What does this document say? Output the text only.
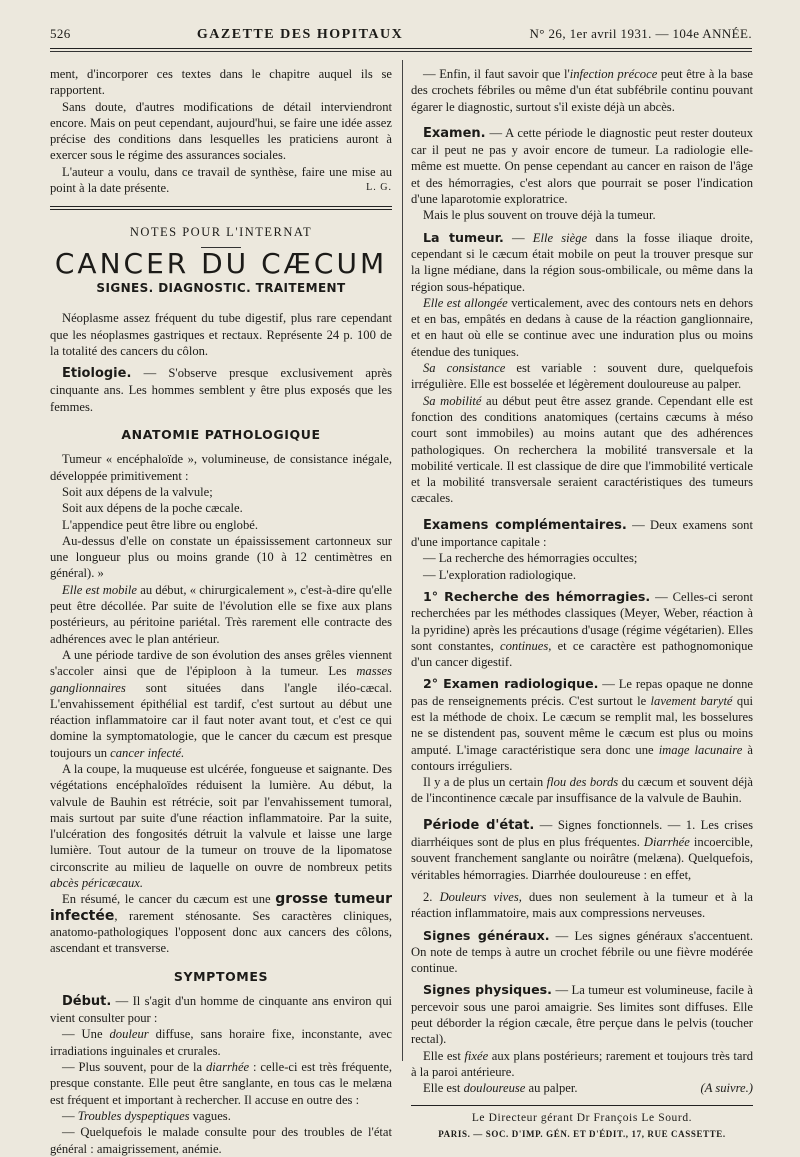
526	GAZETTE DES HOPITAUX	N° 26, 1er avril 1931. — 104e ANNÉE.

ment, d'incorporer ces textes dans le chapitre auquel ils se rapportent.

Sans doute, d'autres modifications de détail interviendront encore. Mais on peut cependant, aujourd'hui, se faire une idée assez précise des conditions dans lesquelles les praticiens auront à exercer sous le régime des assurances sociales.

L'auteur a voulu, dans ce travail de synthèse, faire une mise au point à la date présente.	L. G.

NOTES POUR L'INTERNAT

CANCER DU CÆCUM
SIGNES. DIAGNOSTIC. TRAITEMENT

Néoplasme assez fréquent du tube digestif, plus rare cependant que les néoplasmes gastriques et rectaux. Représente 24 p. 100 de la totalité des cancers du côlon.

Etiologie. — S'observe presque exclusivement après cinquante ans. Les hommes semblent y être plus exposés que les femmes.

ANATOMIE PATHOLOGIQUE

Tumeur « encéphaloïde », volumineuse, de consistance inégale, développée primitivement :

Soit aux dépens de la valvule;

Soit aux dépens de la poche cæcale.

L'appendice peut être libre ou englobé.

Au-dessus d'elle on constate un épaississement cartonneux sur une longueur plus ou moins grande (10 à 12 centimètres en général). »

Elle est mobile au début, « chirurgicalement », c'est-à-dire qu'elle peut être décollée. Par suite de l'évolution elle se fixe aux plans postérieurs, au péritoine pariétal. Très rarement elle contracte des adhérences avec le plan antérieur.

A une période tardive de son évolution des anses grêles viennent s'accoler ainsi que de l'épiploon à la tumeur. Les masses ganglionnaires sont situées dans l'angle iléo-cæcal. L'envahissement épithélial est tardif, c'est surtout au début une réaction inflammatoire car il faut noter avant tout, et c'est ce qui domine la symptomatologie, que le cancer du cæcum est presque toujours un cancer infecté.

A la coupe, la muqueuse est ulcérée, fongueuse et saignante. Des végétations encéphaloïdes réduisent la lumière. Au début, la valvule de Bauhin est rétrécie, soit par l'envahissement tumoral, mais surtout par suite d'une réaction inflammatoire. Par la suite, l'ulcération des fongosités détruit la valvule et laisse une large lumière. Tout autour de la tumeur on trouve de la lipomatose circonscrite au milieu de laquelle on ouvre de nombreux petits abcès péricæcaux.

En résumé, le cancer du cæcum est une grosse tumeur infectée, rarement sténosante. Ses caractères cliniques, anatomo-pathologiques l'opposent donc aux cancers des côlons, ascendant et transverse.

SYMPTOMES

Début. — Il s'agit d'un homme de cinquante ans environ qui vient consulter pour :

— Une douleur diffuse, sans horaire fixe, inconstante, avec irradiations inguinales et crurales.

— Plus souvent, pour de la diarrhée : celle-ci est très fréquente, presque constante. Elle peut être sanglante, en tous cas le melæna est fréquent et important à rechercher. Il accuse en outre des :

— Troubles dyspeptiques vagues.

— Quelquefois le malade consulte pour des troubles de l'état général : amaigrissement, anémie.

— Enfin, il faut savoir que l'infection précoce peut être à la base des crochets fébriles ou même d'un état subfébrile continu pouvant égarer le diagnostic, surtout s'il existe déjà un abcès.

Examen. — A cette période le diagnostic peut rester douteux car il peut ne pas y avoir encore de tumeur. La radiologie elle-même est muette. On pense cependant au cancer en raison de l'âge et des hémorragies, c'est alors que pourrait se poser l'indication d'une laparotomie exploratrice.

Mais le plus souvent on trouve déjà la tumeur.

La tumeur. — Elle siège dans la fosse iliaque droite, cependant si le cæcum était mobile on peut la trouver presque sur la ligne médiane, dans la région sous-ombilicale, ou même dans la région sous-hépatique.

Elle est allongée verticalement, avec des contours nets en dehors et en bas, empâtés en dedans à cause de la réaction ganglionnaire, et en haut où elle se continue avec une induration plus ou moins étendue des tuniques.

Sa consistance est variable : souvent dure, quelquefois irrégulière. Elle est bosselée et légèrement douloureuse au palper.

Sa mobilité au début peut être assez grande. Cependant elle est fonction des conditions anatomiques (certains cæcums à méso court sont immobiles) au moins autant que des adhérences pathologiques. On recherchera la mobilité transversale et la mobilité verticale. Il est classique de dire que l'immobilité verticale et la mobilité transversale seraient caractéristiques des tumeurs cæcales.

Examens complémentaires. — Deux examens sont d'une importance capitale :

— La recherche des hémorragies occultes;

— L'exploration radiologique.

1° Recherche des hémorragies. — Celles-ci seront recherchées par les méthodes classiques (Meyer, Weber, réaction à la pyridine) après les précautions d'usage (régime végétarien). Elles sont constantes, continues, et ce caractère est pathognomonique d'un cancer digestif.

2° Examen radiologique. — Le repas opaque ne donne pas de renseignements précis. C'est surtout le lavement baryté qui est la méthode de choix. Le cæcum se remplit mal, les bosselures ne se distendent pas, souvent même le cæcum est plus ou moins amputé. L'image caractéristique sera donc une image lacunaire à contours irréguliers.

Il y a de plus un certain flou des bords du cæcum et souvent déjà de l'incontinence cæcale par insuffisance de la valvule de Bauhin.

Période d'état. — Signes fonctionnels. — 1. Les crises diarrhéiques sont de plus en plus fréquentes. Diarrhée incoercible, souvent franchement sanglante ou noirâtre (melæna). Quelquefois, véritables hémorragies. Diarrhée douloureuse : en effet,

2. Douleurs vives, dues non seulement à la tumeur et à la réaction inflammatoire, mais aux compressions nerveuses.

Signes généraux. — Les signes généraux s'accentuent. On note de temps à autre un crochet fébrile ou une fièvre modérée continue.

Signes physiques. — La tumeur est volumineuse, facile à percevoir sous une paroi amaigrie. Ses limites sont diffuses. Elle peut déborder la région cæcale, être perçue dans le pelvis (toucher rectal).

Elle est fixée aux plans postérieurs; rarement et toujours très tard à la paroi antérieure.

Elle est douloureuse au palper.	(A suivre.)

Le Directeur gérant Dr François Le Sourd.

PARIS. — SOC. D'IMP. GÉN. ET D'ÉDIT., 17, RUE CASSETTE.
